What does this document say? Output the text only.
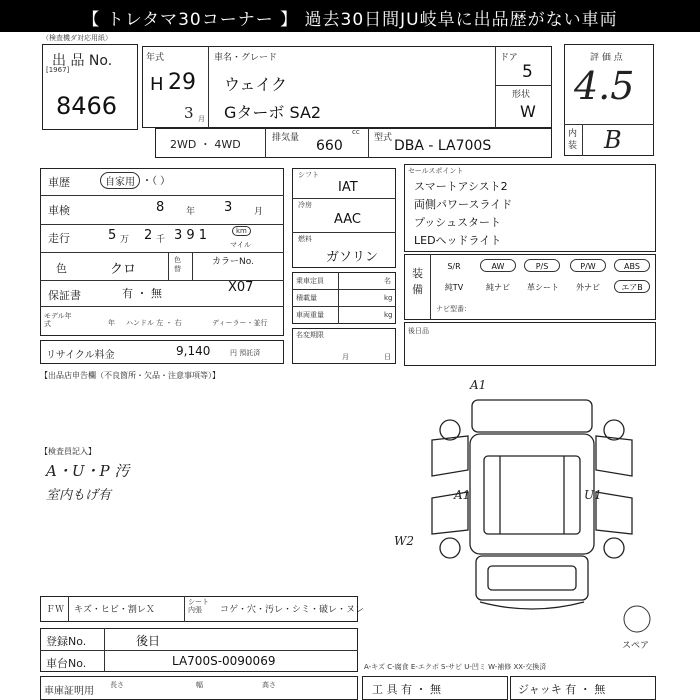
【 トレタマ30コーナー 】 過去30日間JU岐阜に出品歴がない車両
（検査機ダ対応用紙）
出 品 No.
[1967]
8466
年式
H 29
3 月
車名・グレード
ウェイク
Gターボ SA2
ドア
5
形状
W
評 価 点
4.5
内装 B
2WD ・ 4WD	排気量
cc
660	型式 DBA - LA700S
車歴	自家用 ・（ ）
車検	8 年 3 月
走行	5 万 2 千 3 9 1	km
マイル
色	クロ
色替
カラーNo.
保証書	有 ・ 無	X07
モデル年式	年 ハンドル 左 ・ 右	ディーラー・並行
リサイクル料金	9,140	円 預託済
シフト
IAT
冷房
AAC
燃料
ガソリン
乗車定員	名
積載量	kg
車両重量	kg
名変期限
月	日
セールスポイント
スマートアシスト2
両側パワースライド
プッシュスタート
LEDヘッドライト
装備
S/R	AW	P/S	P/W	ABS
純TV	純ナビ	革シート	外ナビ	エアB
ナビ型番：
後日品
【出品店申告欄（不良箇所・欠品・注意事項等）】
【検査員記入】
A・U・P 汚
室内もげ有
A1
A1	U1
W2
スペア
A-キズ C-腐食 E-エクボ S-サビ U-凹ミ W-補修 XX-交換済
ＦＷ キズ・ヒビ・割レＸ
シート内張	コゲ・穴・汚レ・シミ・破レ・ヌレ
登録No.	後日
車台No.	LA700S-0090069
車庫証明用
長さ	幅	高さ	工 具 有 ・ 無	ジャッキ 有 ・ 無
